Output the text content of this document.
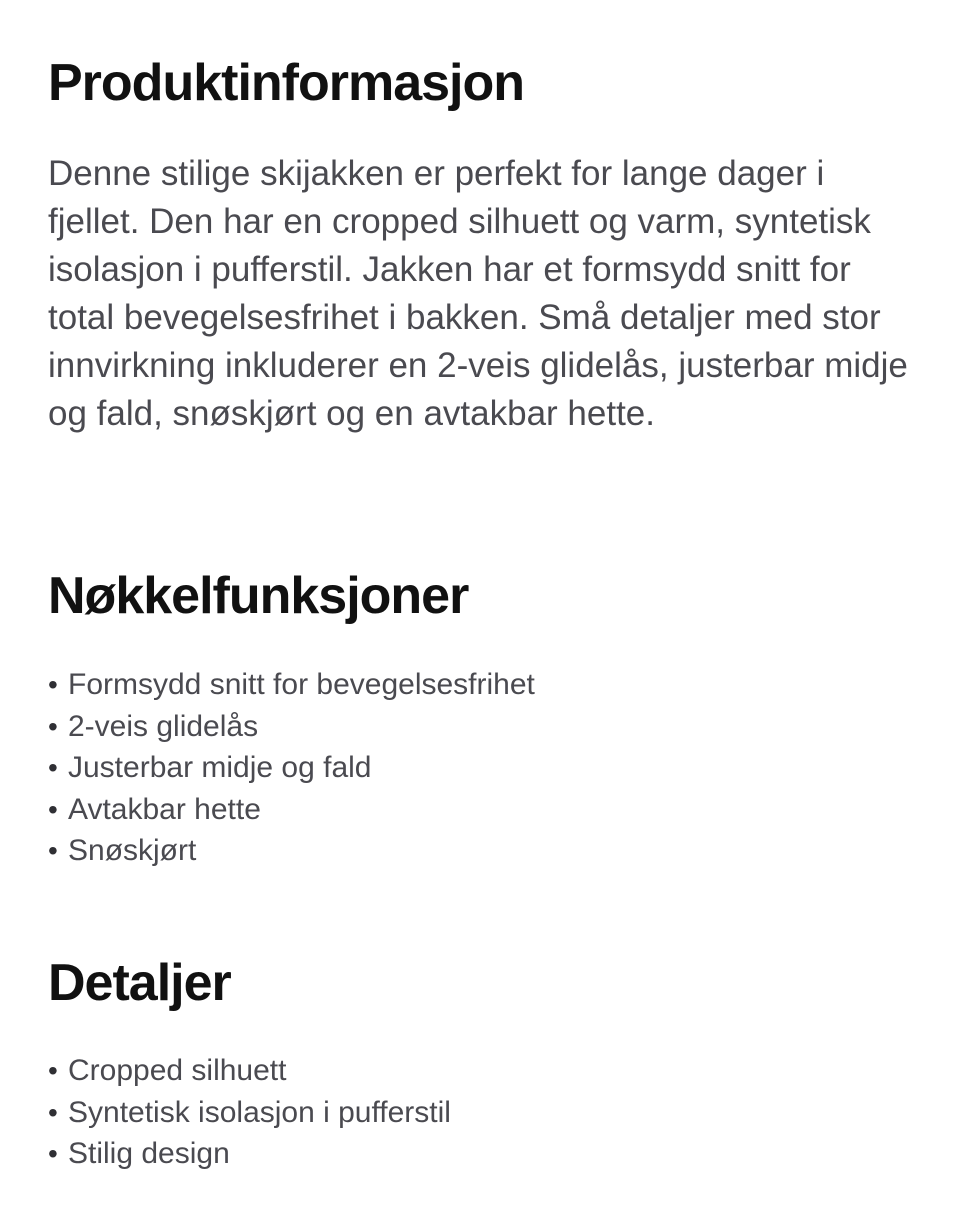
Produktinformasjon

Denne stilige skijakken er perfekt for lange dager i fjellet. Den har en cropped silhuett og varm, syntetisk isolasjon i pufferstil. Jakken har et formsydd snitt for total bevegelsesfrihet i bakken. Små detaljer med stor innvirkning inkluderer en 2-veis glidelås, justerbar midje og fald, snøskjørt og en avtakbar hette.

Nøkkelfunksjoner
• Formsydd snitt for bevegelsesfrihet
• 2-veis glidelås
• Justerbar midje og fald
• Avtakbar hette
• Snøskjørt
Detaljer
• Cropped silhuett
• Syntetisk isolasjon i pufferstil
• Stilig design
